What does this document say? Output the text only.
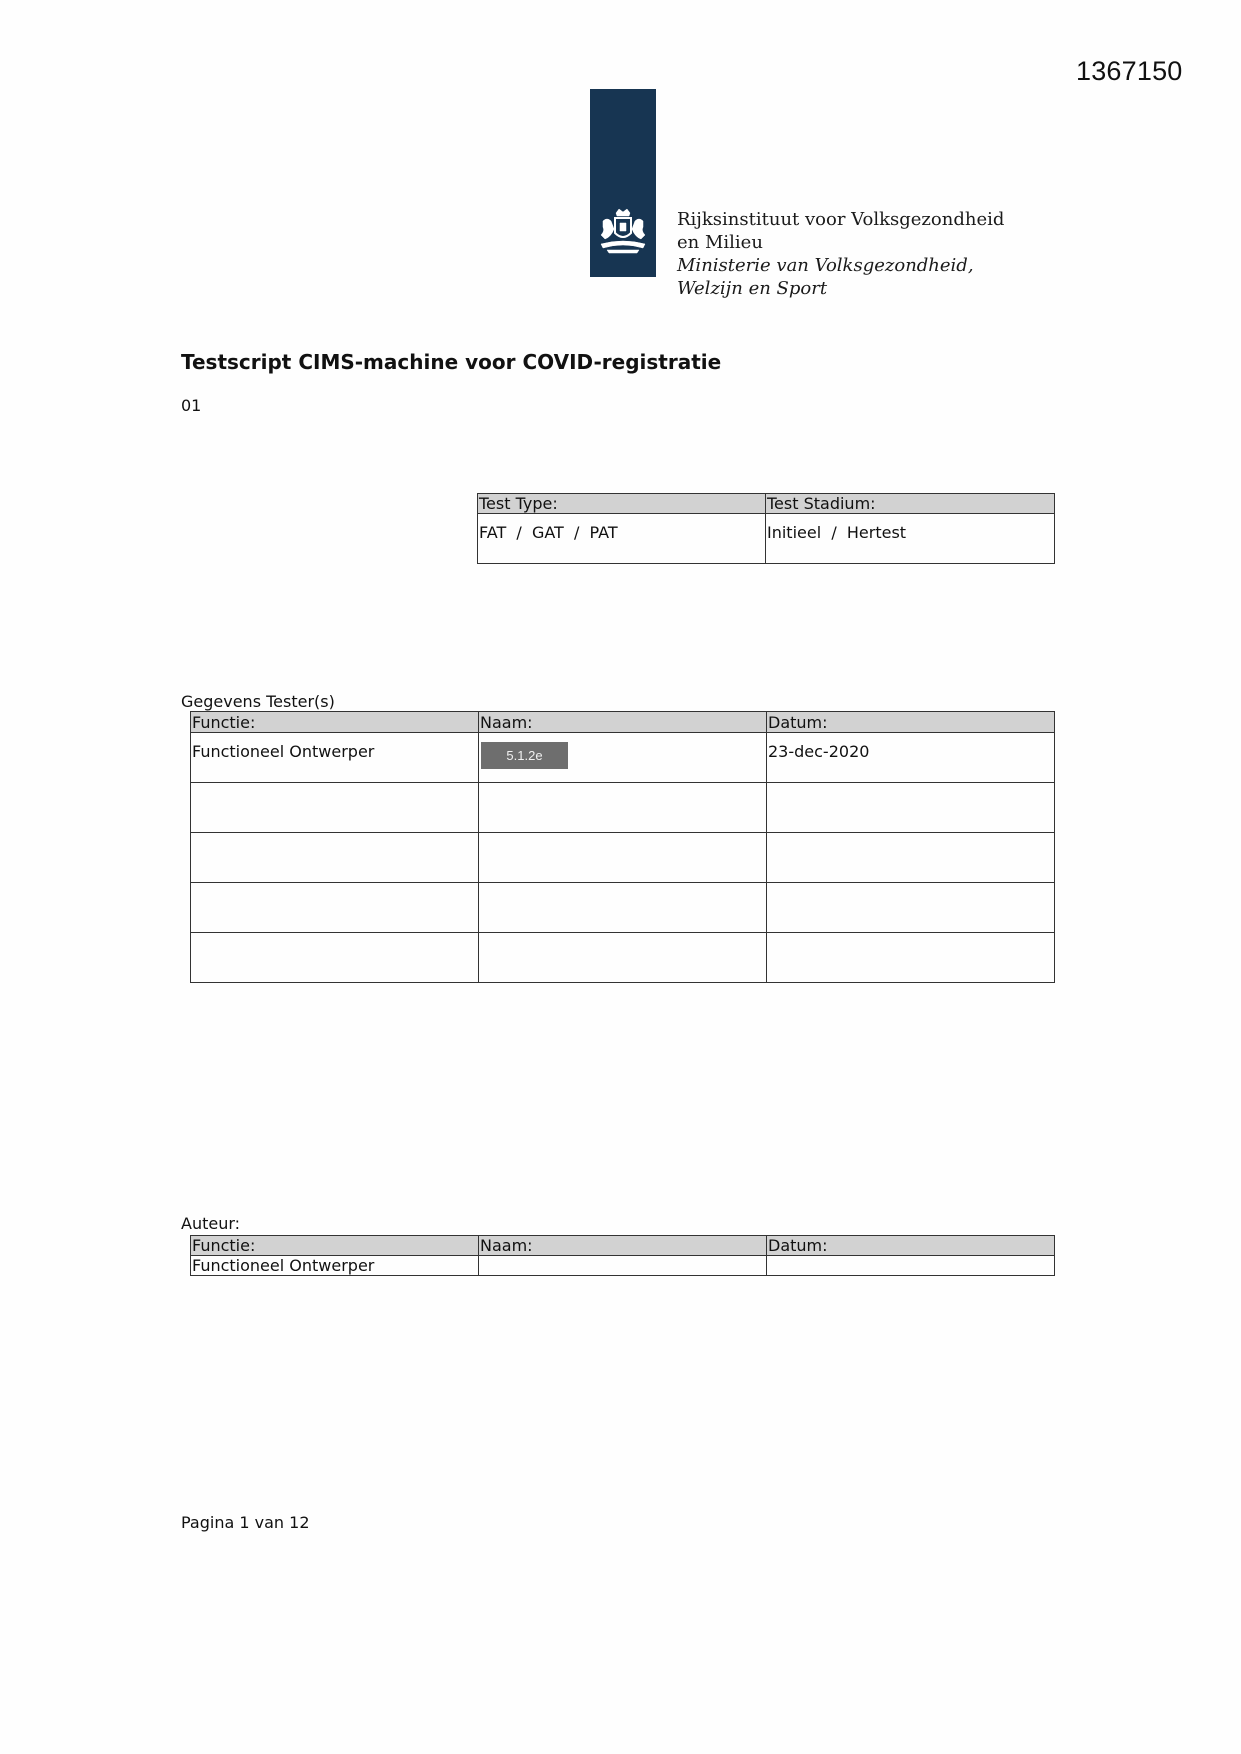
1367150
Rijksinstituut voor Volksgezondheid
en Milieu
Ministerie van Volksgezondheid,
Welzijn en Sport
Testscript CIMS-machine voor COVID-registratie
01
Test Type:	Test Stadium:
FAT  /  GAT  /  PAT	Initieel  /  Hertest
Gegevens Tester(s)
Functie:	Naam:	Datum:
Functioneel Ontwerper	5.1.2e	23-dec-2020

Auteur:
Functie:	Naam:	Datum:
Functioneel Ontwerper		
Pagina 1 van 12
